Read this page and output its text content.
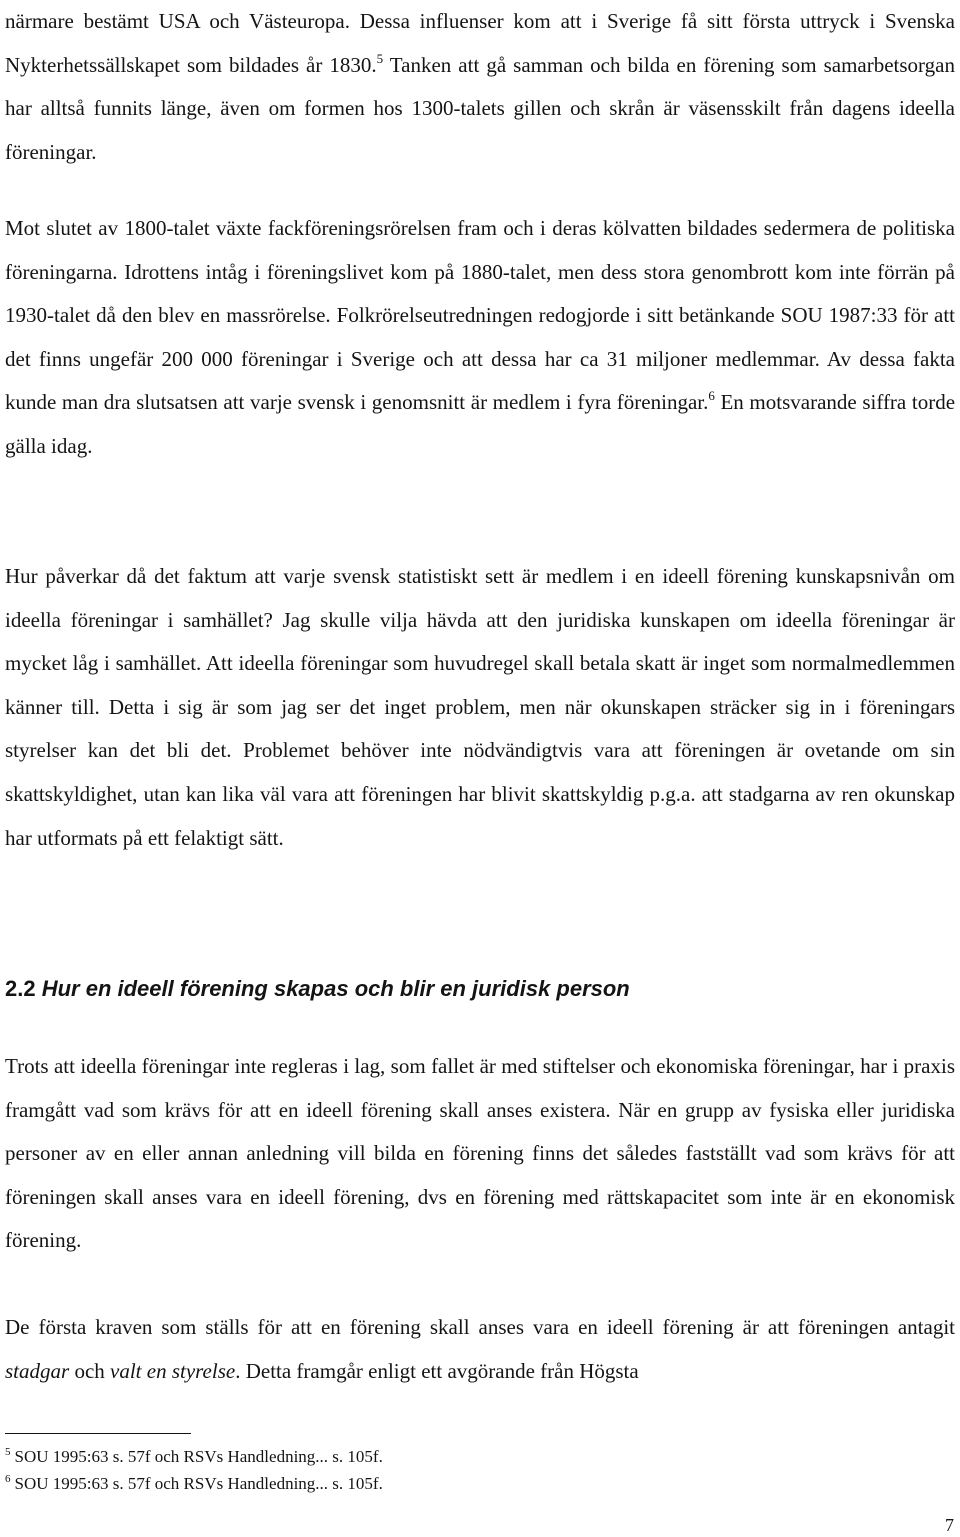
närmare bestämt USA och Västeuropa. Dessa influenser kom att i Sverige få sitt första uttryck i Svenska Nykterhetssällskapet som bildades år 1830.$^5$ Tanken att gå samman och bilda en förening som samarbetsorgan har alltså funnits länge, även om formen hos 1300-talets gillen och skrån är väsensskilt från dagens ideella föreningar.

Mot slutet av 1800-talet växte fackföreningsrörelsen fram och i deras kölvatten bildades sedermera de politiska föreningarna. Idrottens intåg i föreningslivet kom på 1880-talet, men dess stora genombrott kom inte förrän på 1930-talet då den blev en massrörelse. Folkrörelseutredningen redogjorde i sitt betänkande SOU 1987:33 för att det finns ungefär 200 000 föreningar i Sverige och att dessa har ca 31 miljoner medlemmar. Av dessa fakta kunde man dra slutsatsen att varje svensk i genomsnitt är medlem i fyra föreningar.$^6$ En motsvarande siffra torde gälla idag.

Hur påverkar då det faktum att varje svensk statistiskt sett är medlem i en ideell förening kunskapsnivån om ideella föreningar i samhället? Jag skulle vilja hävda att den juridiska kunskapen om ideella föreningar är mycket låg i samhället. Att ideella föreningar som huvudregel skall betala skatt är inget som normalmedlemmen känner till. Detta i sig är som jag ser det inget problem, men när okunskapen sträcker sig in i föreningars styrelser kan det bli det. Problemet behöver inte nödvändigtvis vara att föreningen är ovetande om sin skattskyldighet, utan kan lika väl vara att föreningen har blivit skattskyldig p.g.a. att stadgarna av ren okunskap har utformats på ett felaktigt sätt.

2.2 Hur en ideell förening skapas och blir en juridisk person

Trots att ideella föreningar inte regleras i lag, som fallet är med stiftelser och ekonomiska föreningar, har i praxis framgått vad som krävs för att en ideell förening skall anses existera. När en grupp av fysiska eller juridiska personer av en eller annan anledning vill bilda en förening finns det således fastställt vad som krävs för att föreningen skall anses vara en ideell förening, dvs en förening med rättskapacitet som inte är en ekonomisk förening.

De första kraven som ställs för att en förening skall anses vara en ideell förening är att föreningen antagit stadgar och valt en styrelse. Detta framgår enligt ett avgörande från Högsta

$^5$ SOU 1995:63 s. 57f och RSVs Handledning... s. 105f.
$^6$ SOU 1995:63 s. 57f och RSVs Handledning... s. 105f.
7
